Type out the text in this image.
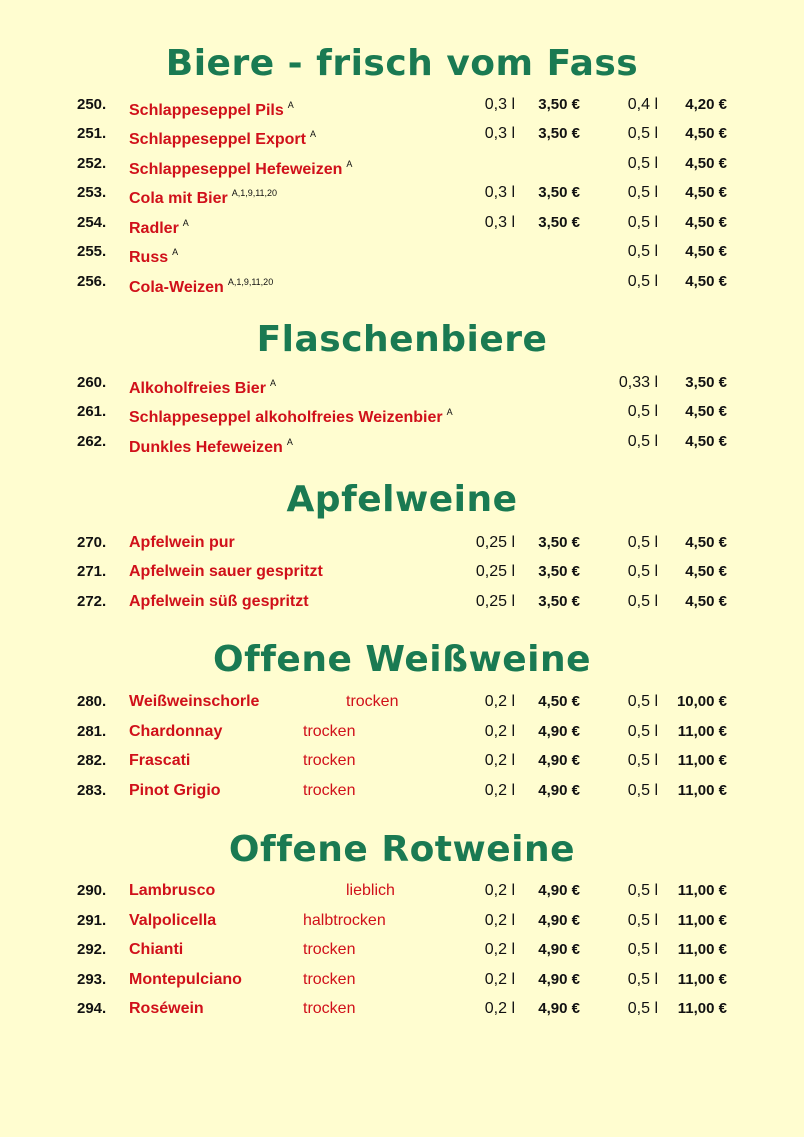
Biere - frisch vom Fass
250. Schlappeseppel Pils $^A$	0,3 l 3,50 €	0,4 l 4,20 €
251. Schlappeseppel Export $^A$	0,3 l 3,50 €	0,5 l 4,50 €
252. Schlappeseppel Hefeweizen $^A$	0,5 l 4,50 €
253. Cola mit Bier $^{A,1,9,11,20}$	0,3 l 3,50 €	0,5 l 4,50 €
254. Radler $^A$	0,3 l 3,50 €	0,5 l 4,50 €
255. Russ $^A$	0,5 l 4,50 €
256. Cola-Weizen $^{A,1,9,11,20}$	0,5 l 4,50 €
Flaschenbiere
260. Alkoholfreies Bier $^A$	0,33 l 3,50 €
261. Schlappeseppel alkoholfreies Weizenbier $^A$	0,5 l 4,50 €
262. Dunkles Hefeweizen $^A$	0,5 l 4,50 €
Apfelweine
270. Apfelwein pur	0,25 l 3,50 €	0,5 l 4,50 €
271. Apfelwein sauer gespritzt	0,25 l 3,50 €	0,5 l 4,50 €
272. Apfelwein süß gespritzt	0,25 l 3,50 €	0,5 l 4,50 €
Offene Weißweine
280. Weißweinschorle	trocken	0,2 l 4,50 €	0,5 l 10,00 €
281. Chardonnay	trocken	0,2 l 4,90 €	0,5 l 11,00 €
282. Frascati	trocken	0,2 l 4,90 €	0,5 l 11,00 €
283. Pinot Grigio	trocken	0,2 l 4,90 €	0,5 l 11,00 €
Offene Rotweine
290. Lambrusco	lieblich	0,2 l 4,90 €	0,5 l 11,00 €
291. Valpolicella	halbtrocken	0,2 l 4,90 €	0,5 l 11,00 €
292. Chianti	trocken	0,2 l 4,90 €	0,5 l 11,00 €
293. Montepulciano	trocken	0,2 l 4,90 €	0,5 l 11,00 €
294. Roséwein	trocken	0,2 l 4,90 €	0,5 l 11,00 €
